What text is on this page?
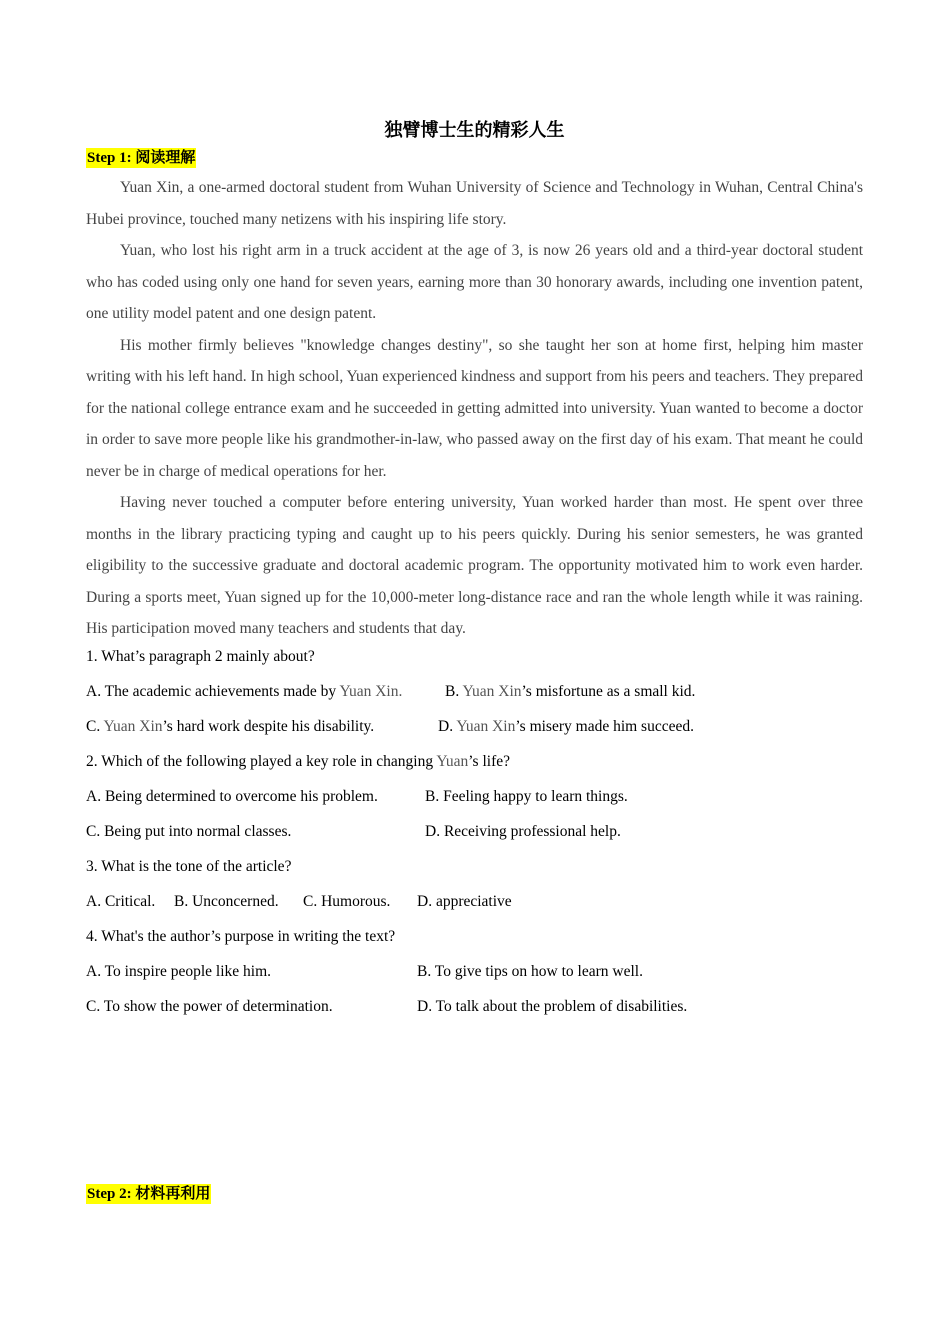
独臂博士生的精彩人生
Step 1: 阅读理解

Yuan Xin, a one-armed doctoral student from Wuhan University of Science and Technology in Wuhan, Central China's Hubei province, touched many netizens with his inspiring life story.

Yuan, who lost his right arm in a truck accident at the age of 3, is now 26 years old and a third-year doctoral student who has coded using only one hand for seven years, earning more than 30 honorary awards, including one invention patent, one utility model patent and one design patent.

His mother firmly believes "knowledge changes destiny", so she taught her son at home first, helping him master writing with his left hand. In high school, Yuan experienced kindness and support from his peers and teachers. They prepared for the national college entrance exam and he succeeded in getting admitted into university. Yuan wanted to become a doctor in order to save more people like his grandmother-in-law, who passed away on the first day of his exam. That meant he could never be in charge of medical operations for her.

Having never touched a computer before entering university, Yuan worked harder than most. He spent over three months in the library practicing typing and caught up to his peers quickly. During his senior semesters, he was granted eligibility to the successive graduate and doctoral academic program. The opportunity motivated him to work even harder. During a sports meet, Yuan signed up for the 10,000-meter long-distance race and ran the whole length while it was raining. His participation moved many teachers and students that day.

1. What’s paragraph 2 mainly about?
A. The academic achievements made by Yuan Xin.	B. Yuan Xin’s misfortune as a small kid.
C. Yuan Xin’s hard work despite his disability.	D. Yuan Xin’s misery made him succeed.
2. Which of the following played a key role in changing Yuan’s life?
A. Being determined to overcome his problem.	B. Feeling happy to learn things.
C. Being put into normal classes.	D. Receiving professional help.
3. What is the tone of the article?
A. Critical. B. Unconcerned. C. Humorous. D. appreciative
4. What's the author’s purpose in writing the text?
A. To inspire people like him.	B. To give tips on how to learn well.
C. To show the power of determination.	D. To talk about the problem of disabilities.
Step 2: 材料再利用
